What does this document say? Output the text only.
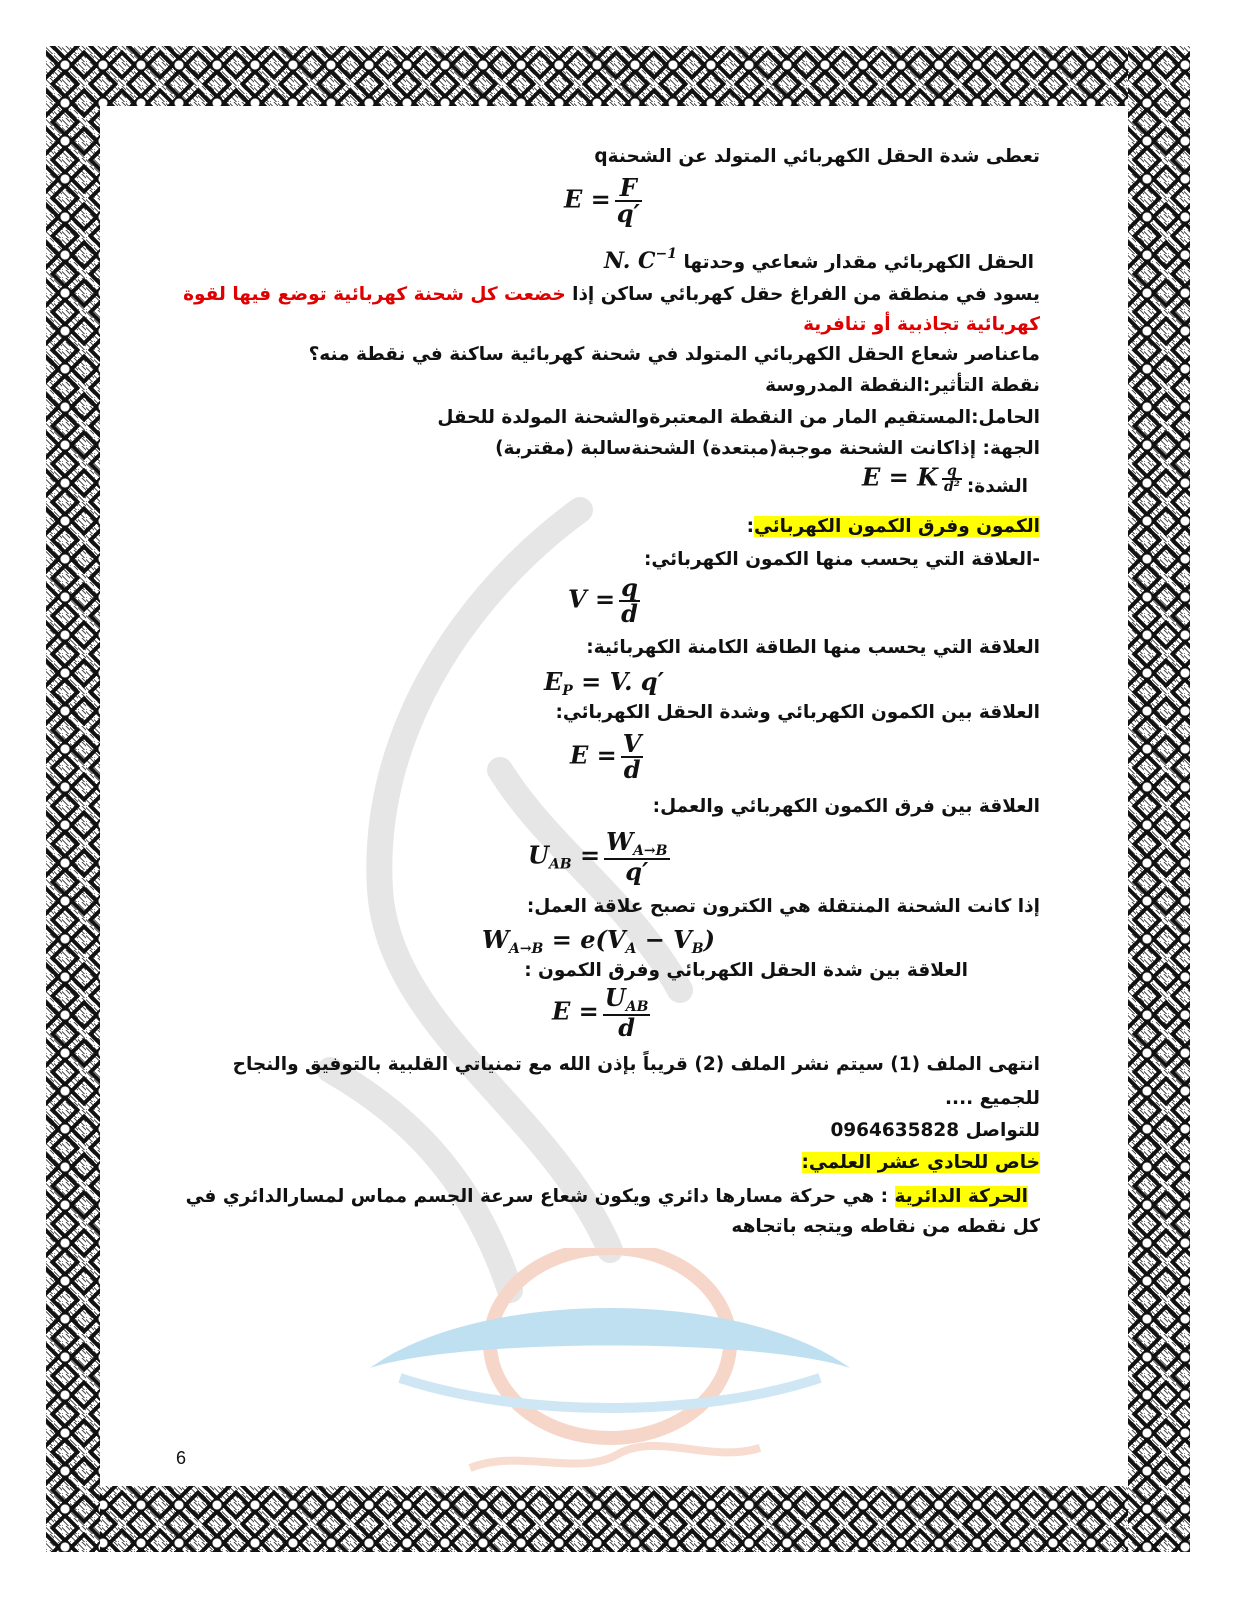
تعطى شدة الحقل الكهربائي المتولد عن الشحنةq
$E = \frac{F}{q'}$
الحقل الكهربائي مقدار شعاعي وحدتها
N. $C^{-1}$
يسود في منطقة من الفراغ حقل كهربائي ساكن إذا خضعت كل شحنة كهربائية توضع فيها لقوة
كهربائية تجاذبية أو تنافرية
ماعناصر شعاع الحقل الكهربائي المتولد في شحنة كهربائية ساكنة في نقطة منه؟
نقطة التأثير:النقطة المدروسة
الحامل:المستقيم المار من النقطة المعتبرةوالشحنة المولدة للحقل
الجهة: إذاكانت الشحنة موجبة(مبتعدة) الشحنةسالبة (مقتربة)
الشدة:
E = K $\frac{q}{\text{d²}}$
الكمون وفرق الكمون الكهربائي:
-العلاقة التي يحسب منها الكمون الكهربائي:
$V = \frac{q}{d}$
العلاقة التي يحسب منها الطاقة الكامنة الكهربائية:
$E_P = V$. q′
العلاقة بين الكمون الكهربائي وشدة الحقل الكهربائي:
$E = \frac{V}{d}$
العلاقة بين فرق الكمون الكهربائي والعمل:
$U_{AB} = \frac{W_{A\to B}}{q'}$
إذا كانت الشحنة المنتقلة هي الكترون تصبح علاقة العمل:
$W_{A\to B} = e(V_A - V_B)$
العلاقة بين شدة الحقل الكهربائي وفرق الكمون :
$E = \frac{U_{AB}}{d}$
انتهى الملف (1) سيتم نشر الملف (2) قريباً بإذن الله مع تمنياتي القلبية بالتوفيق والنجاح
للجميع ....
للتواصل 0964635828
خاص للحادي عشر العلمي:
الحركة الدائرية : هي حركة مسارها دائري ويكون شعاع سرعة الجسم مماس لمسارالدائري في
كل نقطه من نقاطه ويتجه باتجاهه
6
